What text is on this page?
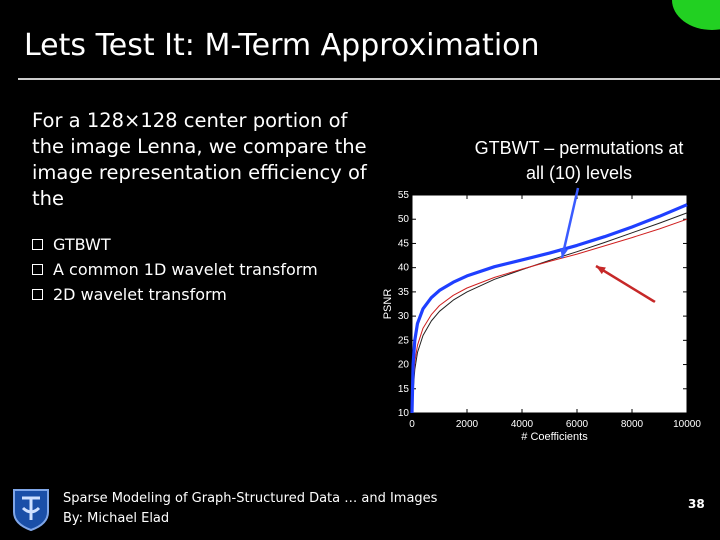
Lets Test It: M-Term Approximation
For a 128×128 center portion of the image Lenna, we compare the image representation efficiency of the
GTBWT
A common 1D wavelet transform
2D wavelet transform
10
15
20
25
30
35
40
45
50
55
0	2000	4000	6000	8000	10000
# Coefficients
PSNR
GTBWT – permutations at all (10) levels
2D
common 1D	db4
Sparse Modeling of Graph-Structured Data … and Images
By: Michael Elad
38
